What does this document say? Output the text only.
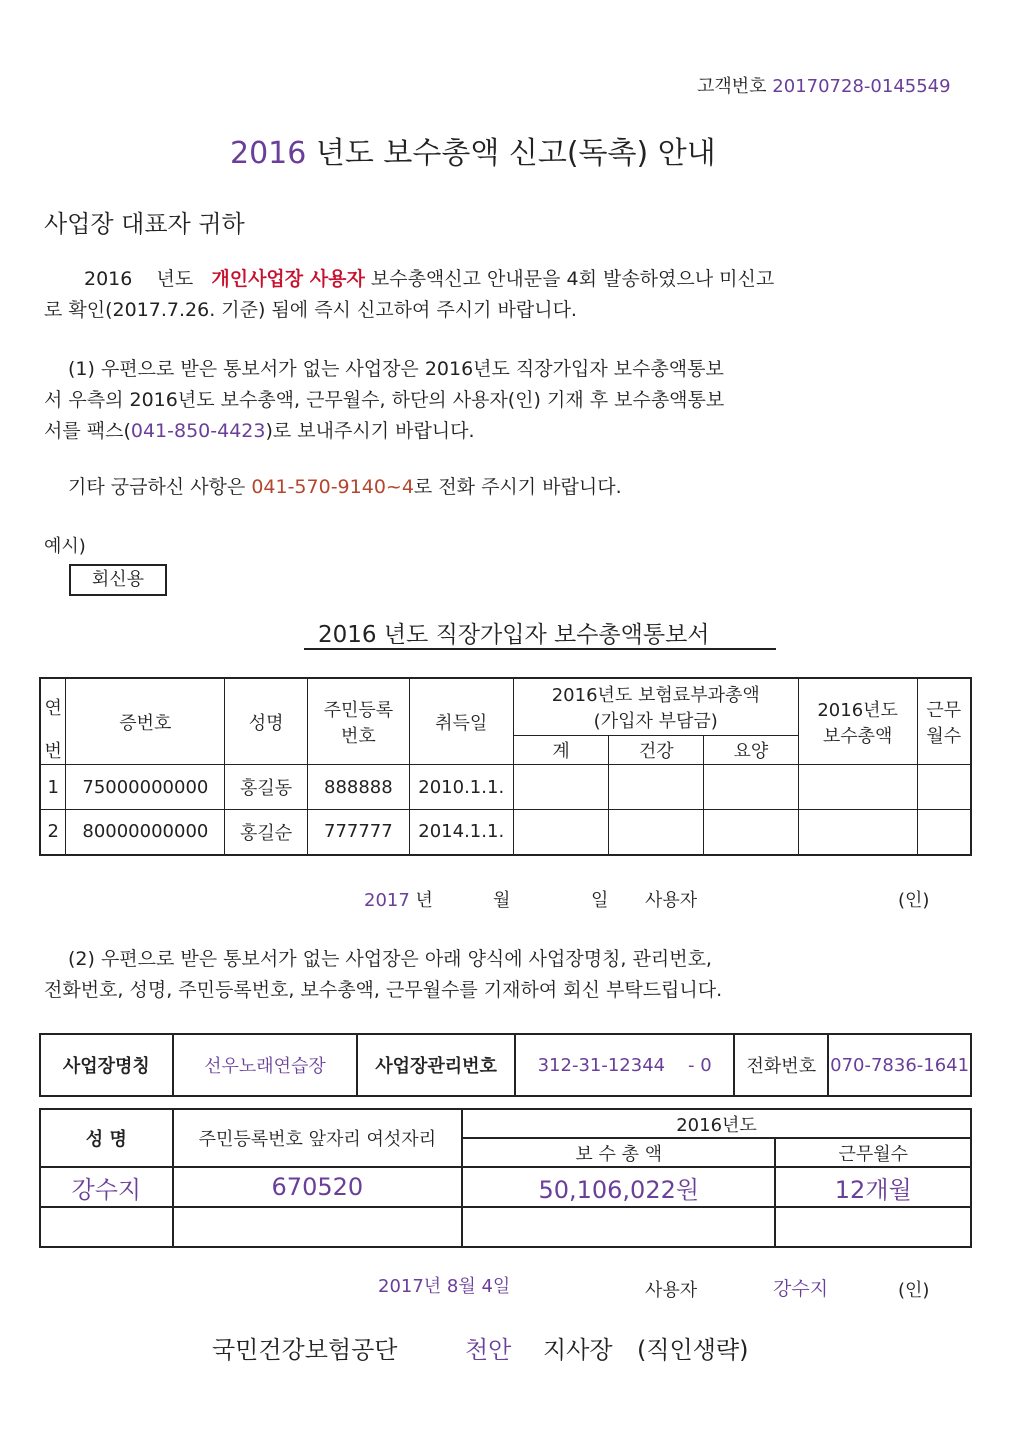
고객번호 20170728-0145549
2016 년도 보수총액 신고(독촉) 안내
사업장 대표자 귀하
2016 년도 개인사업장 사용자 보수총액신고 안내문을 4회 발송하였으나 미신고
로 확인(2017.7.26. 기준) 됨에 즉시 신고하여 주시기 바랍니다.
(1) 우편으로 받은 통보서가 없는 사업장은 2016년도 직장가입자 보수총액통보
서 우측의 2016년도 보수총액, 근무월수, 하단의 사용자(인) 기재 후 보수총액통보
서를 팩스(041-850-4423)로 보내주시기 바랍니다.
기타 궁금하신 사항은 041-570-9140~4로 전화 주시기 바랍니다.
예시)
회신용
2016 년도 직장가입자 보수총액통보서
연	증번호	성명	주민등록 번호	취득일	2016년도 보험료부과총액 (가입자 부담금)			2016년도 보수총액	근무 월수
번					계	건강	요양		
1	75000000000	홍길동	888888	2010.1.1.					
2	80000000000	홍길순	777777	2014.1.1.					
2017 년	월	일 사용자	(인)
(2) 우편으로 받은 통보서가 없는 사업장은 아래 양식에 사업장명칭, 관리번호,
전화번호, 성명, 주민등록번호, 보수총액, 근무월수를 기재하여 회신 부탁드립니다.
사업장명칭	선우노래연습장	사업장관리번호	312-31-12344 - 0	전화번호	070-7836-1641
성 명	주민등록번호 앞자리 여섯자리	2016년도	
		보 수 총 액	근무월수
강수지	670520	50,106,022원	12개월

2017년 8월 4일	사용자	강수지	(인)
국민건강보험공단	천안 지사장 (직인생략)
